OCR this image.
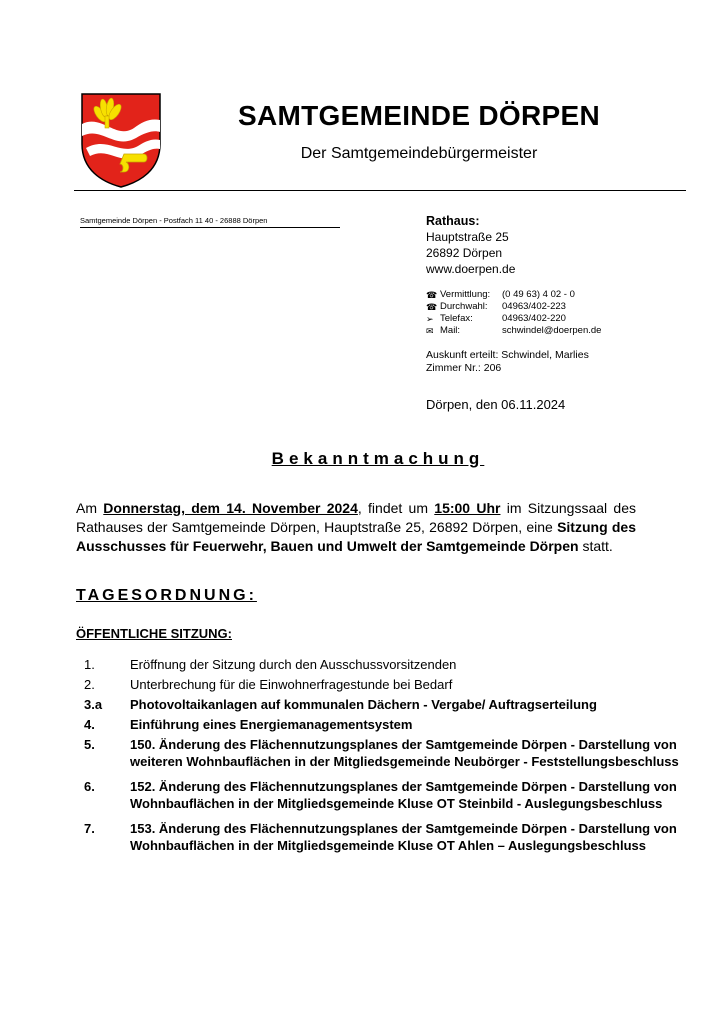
SAMTGEMEINDE DÖRPEN
Der Samtgemeindebürgermeister
Samtgemeinde Dörpen - Postfach 11 40 - 26888 Dörpen	Rathaus:
Hauptstraße 25
26892 Dörpen
www.doerpen.de
☎ Vermittlung:	(0 49 63) 4 02 - 0
☎ Durchwahl:	04963/402-223
➢ Telefax:	04963/402-220
✉ Mail:	schwindel@doerpen.de
Auskunft erteilt: Schwindel, Marlies
Zimmer Nr.: 206
Dörpen, den 06.11.2024
Bekanntmachung
Am Donnerstag, dem 14. November 2024, findet um 15:00 Uhr im Sitzungssaal des Rathauses der Samtgemeinde Dörpen, Hauptstraße 25, 26892 Dörpen, eine Sitzung des Ausschusses für Feuerwehr, Bauen und Umwelt der Samtgemeinde Dörpen statt.
TAGESORDNUNG:
ÖFFENTLICHE SITZUNG:
1.	Eröffnung der Sitzung durch den Ausschussvorsitzenden
2.	Unterbrechung für die Einwohnerfragestunde bei Bedarf
3.a	Photovoltaikanlagen auf kommunalen Dächern - Vergabe/ Auftragserteilung
4.	Einführung eines Energiemanagementsystem
5.	150. Änderung des Flächennutzungsplanes der Samtgemeinde Dörpen - Darstellung von weiteren Wohnbauflächen in der Mitgliedsgemeinde Neubörger - Feststellungsbeschluss
6.	152. Änderung des Flächennutzungsplanes der Samtgemeinde Dörpen - Darstellung von Wohnbauflächen in der Mitgliedsgemeinde Kluse OT Steinbild - Auslegungsbeschluss
7.	153. Änderung des Flächennutzungsplanes der Samtgemeinde Dörpen - Darstellung von Wohnbauflächen in der Mitgliedsgemeinde Kluse OT Ahlen – Auslegungsbeschluss
